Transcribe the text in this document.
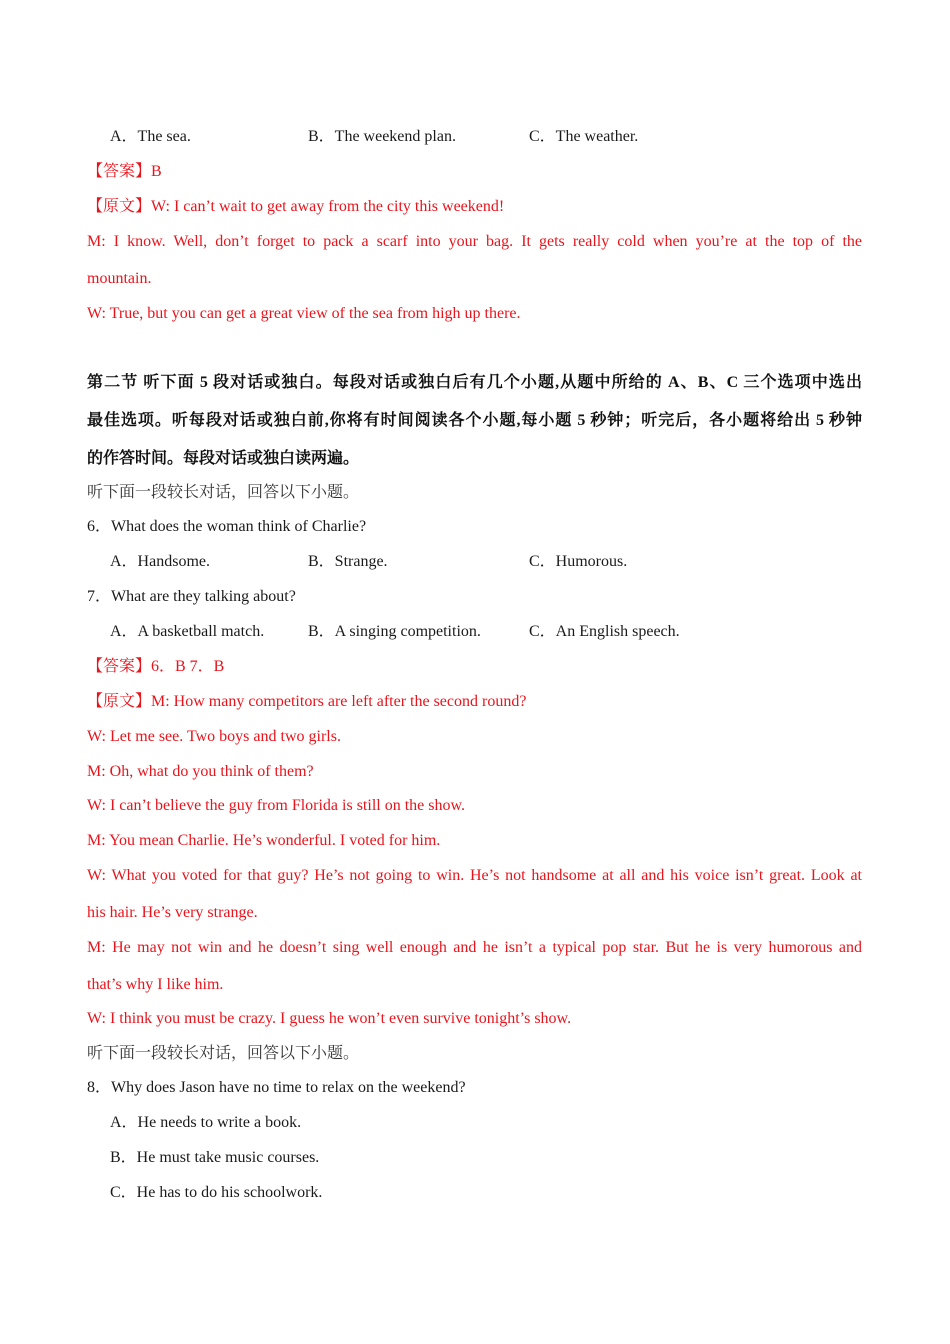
A．The sea.	B．The weekend plan.	C．The weather.
【答案】B
【原文】W: I can’t wait to get away from the city this weekend!
M: I know. Well, don’t forget to pack a scarf into your bag. It gets really cold when you’re at the top of the
mountain.
W: True, but you can get a great view of the sea from high up there.
第二节 听下面 5 段对话或独白。每段对话或独白后有几个小题,从题中所给的 A、B、C 三个选项中选出
最佳选项。听每段对话或独白前,你将有时间阅读各个小题,每小题 5 秒钟；听完后，各小题将给出 5 秒钟
的作答时间。每段对话或独白读两遍。
听下面一段较长对话，回答以下小题。
6．What does the woman think of Charlie?
A．Handsome.	B．Strange.	C．Humorous.
7．What are they talking about?
A．A basketball match.	B．A singing competition.	C．An English speech.
【答案】6．B 7．B
【原文】M: How many competitors are left after the second round?
W: Let me see. Two boys and two girls.
M: Oh, what do you think of them?
W: I can’t believe the guy from Florida is still on the show.
M: You mean Charlie. He’s wonderful. I voted for him.
W: What you voted for that guy? He’s not going to win. He’s not handsome at all and his voice isn’t great. Look at
his hair. He’s very strange.
M: He may not win and he doesn’t sing well enough and he isn’t a typical pop star. But he is very humorous and
that’s why I like him.
W: I think you must be crazy. I guess he won’t even survive tonight’s show.
听下面一段较长对话，回答以下小题。
8．Why does Jason have no time to relax on the weekend?
A．He needs to write a book.
B．He must take music courses.
C．He has to do his schoolwork.
